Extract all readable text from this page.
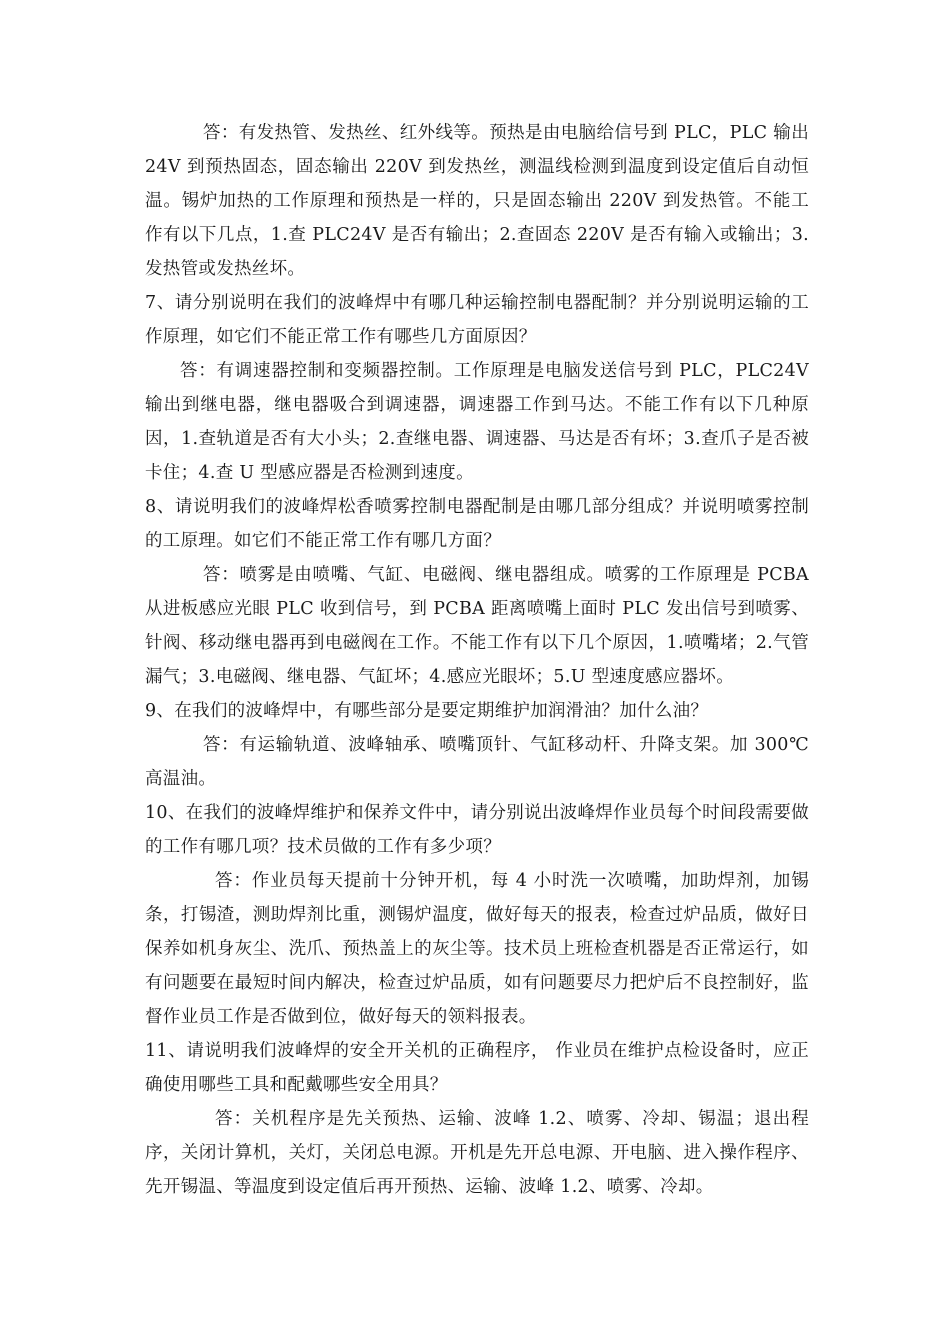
答：有发热管、发热丝、红外线等。预热是由电脑给信号到 PLC，PLC 输出 24V 到预热固态，固态输出 220V 到发热丝，测温线检测到温度到设定值后自动恒温。锡炉加热的工作原理和预热是一样的，只是固态输出 220V 到发热管。不能工作有以下几点，1.查 PLC24V 是否有输出；2.查固态 220V 是否有输入或输出；3.发热管或发热丝坏。

7、请分别说明在我们的波峰焊中有哪几种运输控制电器配制？并分别说明运输的工作原理，如它们不能正常工作有哪些几方面原因？

答：有调速器控制和变频器控制。工作原理是电脑发送信号到 PLC，PLC24V 输出到继电器，继电器吸合到调速器，调速器工作到马达。不能工作有以下几种原因，1.查轨道是否有大小头；2.查继电器、调速器、马达是否有坏；3.查爪子是否被卡住；4.查 U 型感应器是否检测到速度。

8、请说明我们的波峰焊松香喷雾控制电器配制是由哪几部分组成？并说明喷雾控制的工原理。如它们不能正常工作有哪几方面？

答：喷雾是由喷嘴、气缸、电磁阀、继电器组成。喷雾的工作原理是 PCBA 从进板感应光眼 PLC 收到信号，到 PCBA 距离喷嘴上面时 PLC 发出信号到喷雾、针阀、移动继电器再到电磁阀在工作。不能工作有以下几个原因，1.喷嘴堵；2.气管漏气；3.电磁阀、继电器、气缸坏；4.感应光眼坏；5.U 型速度感应器坏。

9、在我们的波峰焊中，有哪些部分是要定期维护加润滑油？加什么油？

答：有运输轨道、波峰轴承、喷嘴顶针、气缸移动杆、升降支架。加 300℃高温油。

10、在我们的波峰焊维护和保养文件中，请分别说出波峰焊作业员每个时间段需要做的工作有哪几项？技术员做的工作有多少项？

答：作业员每天提前十分钟开机，每 4 小时洗一次喷嘴，加助焊剂，加锡条，打锡渣，测助焊剂比重，测锡炉温度，做好每天的报表，检查过炉品质，做好日保养如机身灰尘、洗爪、预热盖上的灰尘等。技术员上班检查机器是否正常运行，如有问题要在最短时间内解决，检查过炉品质，如有问题要尽力把炉后不良控制好，监督作业员工作是否做到位，做好每天的领料报表。

11、请说明我们波峰焊的安全开关机的正确程序， 作业员在维护点检设备时，应正确使用哪些工具和配戴哪些安全用具？

答：关机程序是先关预热、运输、波峰 1.2、喷雾、冷却、锡温；退出程序，关闭计算机，关灯，关闭总电源。开机是先开总电源、开电脑、进入操作程序、先开锡温、等温度到设定值后再开预热、运输、波峰 1.2、喷雾、冷却。
